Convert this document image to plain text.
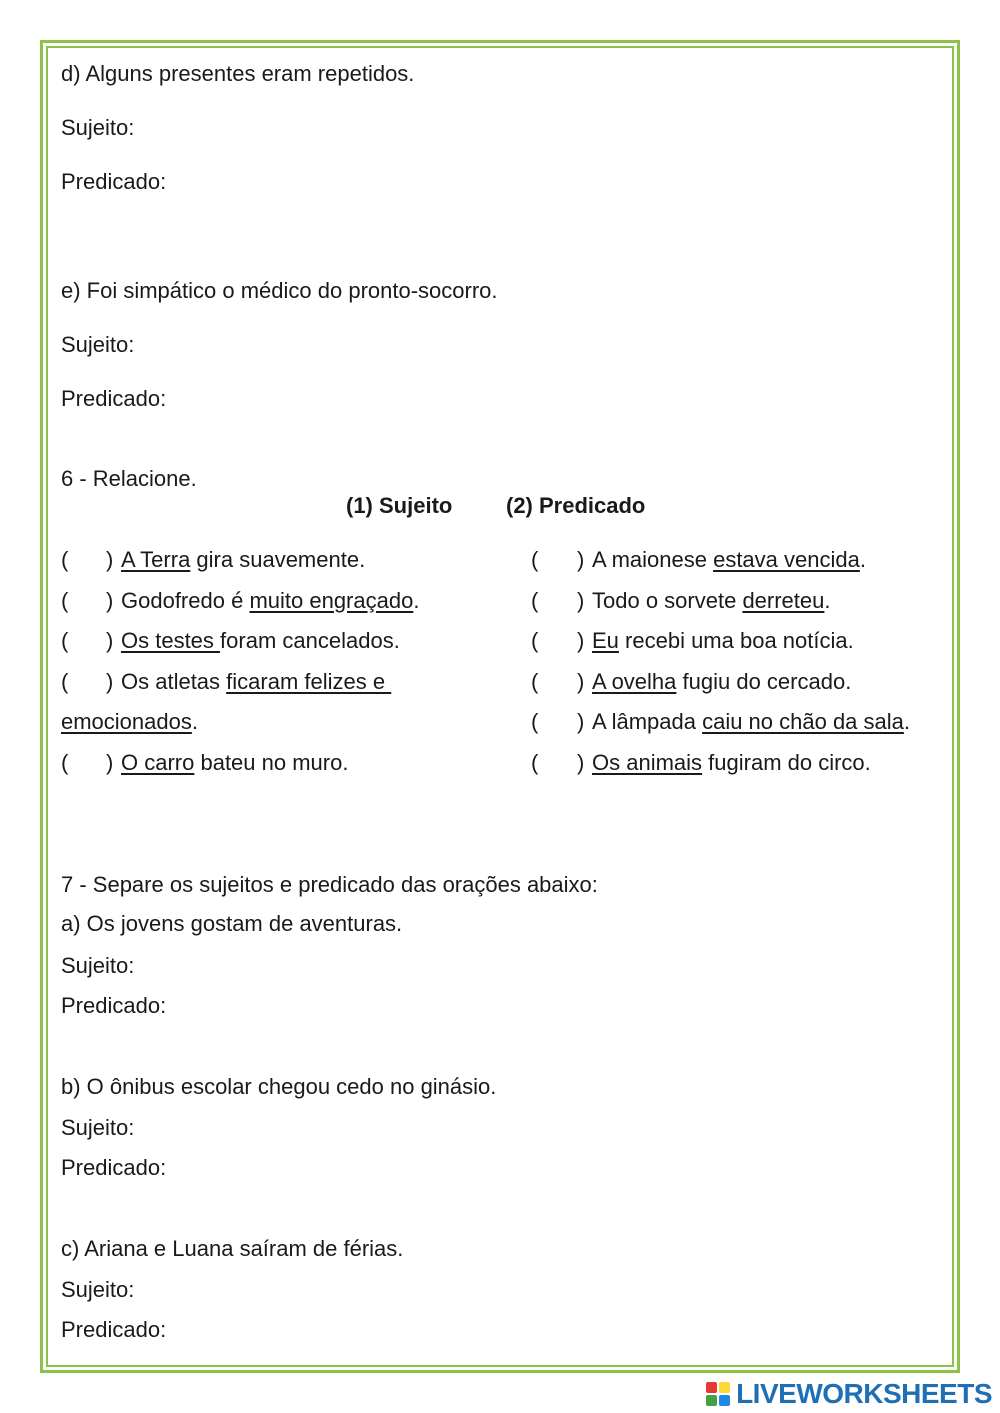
d) Alguns presentes eram repetidos.
Sujeito:
Predicado:
e) Foi simpático o médico do pronto-socorro.
Sujeito:
Predicado:
6 - Relacione.
(1) Sujeito (2) Predicado
( ) A Terra gira suavemente.
( ) Godofredo é muito engraçado.
( ) Os testes foram cancelados.
( ) Os atletas ficaram felizes e
emocionados.
( ) O carro bateu no muro.
( ) A maionese estava vencida.
( ) Todo o sorvete derreteu.
( ) Eu recebi uma boa notícia.
( ) A ovelha fugiu do cercado.
( ) A lâmpada caiu no chão da sala.
( ) Os animais fugiram do circo.
7 - Separe os sujeitos e predicado das orações abaixo:
a) Os jovens gostam de aventuras.
Sujeito:
Predicado:
b) O ônibus escolar chegou cedo no ginásio.
Sujeito:
Predicado:
c) Ariana e Luana saíram de férias.
Sujeito:
Predicado:
LIVEWORKSHEETS
